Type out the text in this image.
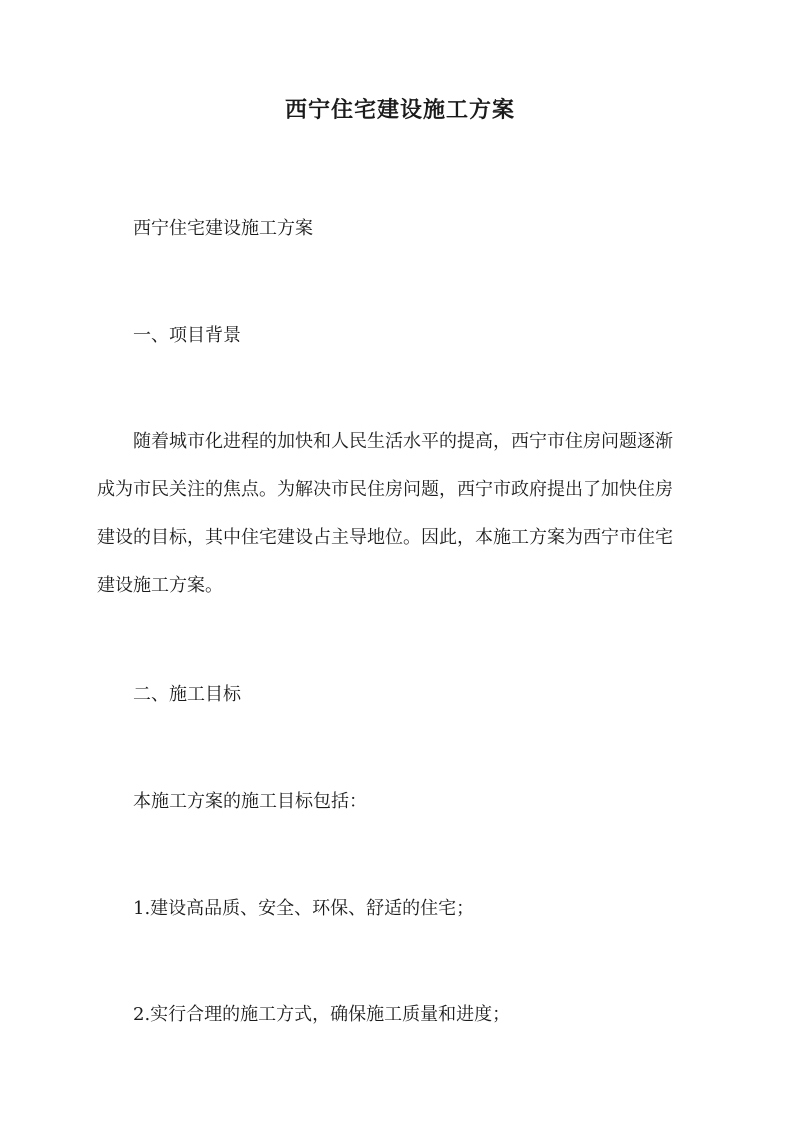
西宁住宅建设施工方案

西宁住宅建设施工方案

一、项目背景

随着城市化进程的加快和人民生活水平的提高，西宁市住房问题逐渐

成为市民关注的焦点。为解决市民住房问题，西宁市政府提出了加快住房

建设的目标，其中住宅建设占主导地位。因此，本施工方案为西宁市住宅

建设施工方案。

二、施工目标

本施工方案的施工目标包括：

1.建设高品质、安全、环保、舒适的住宅；

2.实行合理的施工方式，确保施工质量和进度；
